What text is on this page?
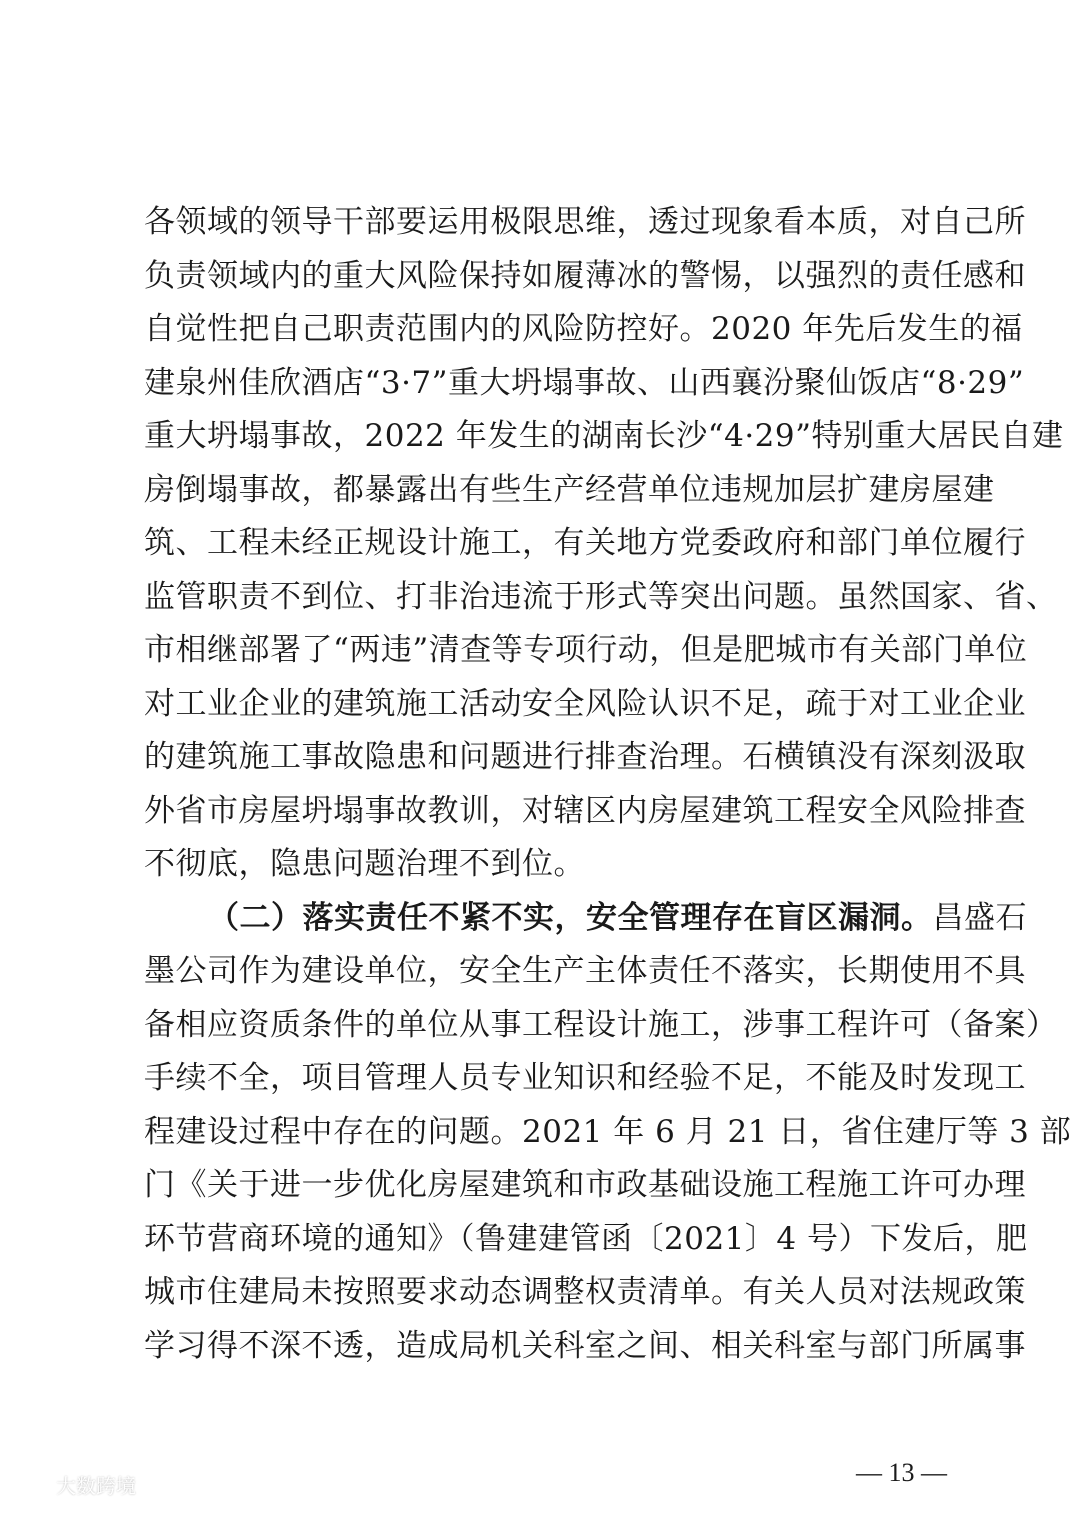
各领域的领导干部要运用极限思维，透过现象看本质，对自己所
负责领域内的重大风险保持如履薄冰的警惕，以强烈的责任感和
自觉性把自己职责范围内的风险防控好。2020 年先后发生的福
建泉州佳欣酒店“3·7”重大坍塌事故、山西襄汾聚仙饭店“8·29”
重大坍塌事故，2022 年发生的湖南长沙“4·29”特别重大居民自建
房倒塌事故，都暴露出有些生产经营单位违规加层扩建房屋建
筑、工程未经正规设计施工，有关地方党委政府和部门单位履行
监管职责不到位、打非治违流于形式等突出问题。虽然国家、省、
市相继部署了“两违”清查等专项行动，但是肥城市有关部门单位
对工业企业的建筑施工活动安全风险认识不足，疏于对工业企业
的建筑施工事故隐患和问题进行排查治理。石横镇没有深刻汲取
外省市房屋坍塌事故教训，对辖区内房屋建筑工程安全风险排查
不彻底，隐患问题治理不到位。
（二）落实责任不紧不实，安全管理存在盲区漏洞。昌盛石
墨公司作为建设单位，安全生产主体责任不落实，长期使用不具
备相应资质条件的单位从事工程设计施工，涉事工程许可（备案）
手续不全，项目管理人员专业知识和经验不足，不能及时发现工
程建设过程中存在的问题。2021 年 6 月 21 日，省住建厅等 3 部
门《关于进一步优化房屋建筑和市政基础设施工程施工许可办理
环节营商环境的通知》（鲁建建管函〔2021〕4 号）下发后，肥
城市住建局未按照要求动态调整权责清单。有关人员对法规政策
学习得不深不透，造成局机关科室之间、相关科室与部门所属事
— 13 —
大数跨境
